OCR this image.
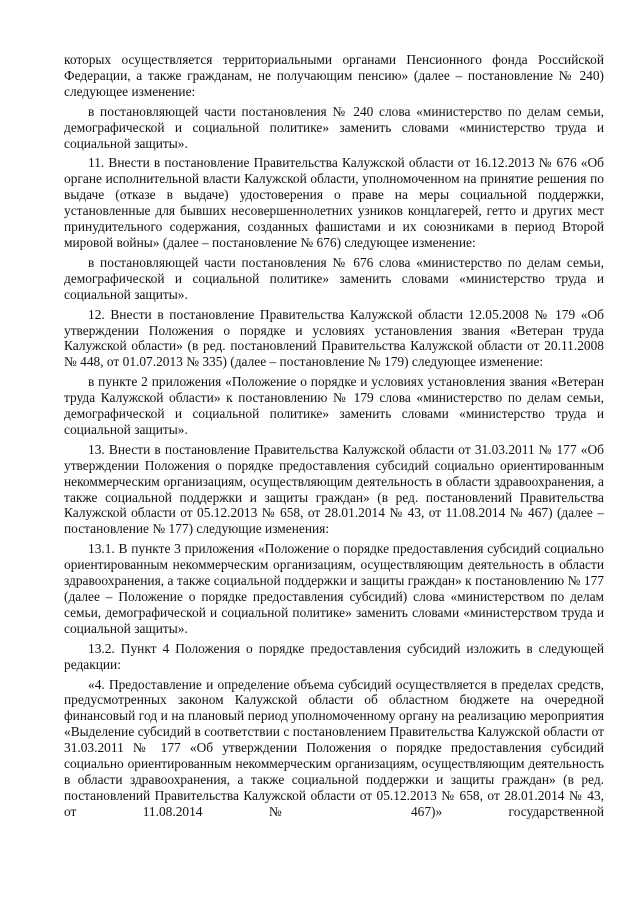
которых осуществляется территориальными органами Пенсионного фонда Российской Федерации, а также гражданам, не получающим пенсию» (далее – постановление № 240) следующее изменение:

в постановляющей части постановления № 240 слова «министерство по делам семьи, демографической и социальной политике» заменить словами «министерство труда и социальной защиты».

11. Внести в постановление Правительства Калужской области от 16.12.2013 № 676 «Об органе исполнительной власти Калужской области, уполномоченном на принятие решения по выдаче (отказе в выдаче) удостоверения о праве на меры социальной поддержки, установленные для бывших несовершеннолетних узников концлагерей, гетто и других мест принудительного содержания, созданных фашистами и их союзниками в период Второй мировой войны» (далее – постановление № 676) следующее изменение:

в постановляющей части постановления № 676 слова «министерство по делам семьи, демографической и социальной политике» заменить словами «министерство труда и социальной защиты».

12. Внести в постановление Правительства Калужской области 12.05.2008 № 179 «Об утверждении Положения о порядке и условиях установления звания «Ветеран труда Калужской области» (в ред. постановлений Правительства Калужской области от 20.11.2008 № 448, от 01.07.2013 № 335) (далее – постановление № 179) следующее изменение:

в пункте 2 приложения «Положение о порядке и условиях установления звания «Ветеран труда Калужской области» к постановлению № 179 слова «министерство по делам семьи, демографической и социальной политике» заменить словами «министерство труда и социальной защиты».

13. Внести в постановление Правительства Калужской области от 31.03.2011 № 177 «Об утверждении Положения о порядке предоставления субсидий социально ориентированным некоммерческим организациям, осуществляющим деятельность в области здравоохранения, а также социальной поддержки и защиты граждан» (в ред. постановлений Правительства Калужской области от 05.12.2013 № 658, от 28.01.2014 № 43, от 11.08.2014 № 467) (далее – постановление № 177) следующие изменения:

13.1. В пункте 3 приложения «Положение о порядке предоставления субсидий социально ориентированным некоммерческим организациям, осуществляющим деятельность в области здравоохранения, а также социальной поддержки и защиты граждан» к постановлению № 177 (далее – Положение о порядке предоставления субсидий) слова «министерством по делам семьи, демографической и социальной политике» заменить словами «министерством труда и социальной защиты».

13.2. Пункт 4 Положения о порядке предоставления субсидий изложить в следующей редакции:

«4. Предоставление и определение объема субсидий осуществляется в пределах средств, предусмотренных законом Калужской области об областном бюджете на очередной финансовый год и на плановый период уполномоченному органу на реализацию мероприятия «Выделение субсидий в соответствии с постановлением Правительства Калужской области от 31.03.2011 № 177 «Об утверждении Положения о порядке предоставления субсидий социально ориентированным некоммерческим организациям, осуществляющим деятельность в области здравоохранения, а также социальной поддержки и защиты граждан» (в ред. постановлений Правительства Калужской области от 05.12.2013 № 658, от 28.01.2014 № 43, от 11.08.2014 № 467)» государственной
